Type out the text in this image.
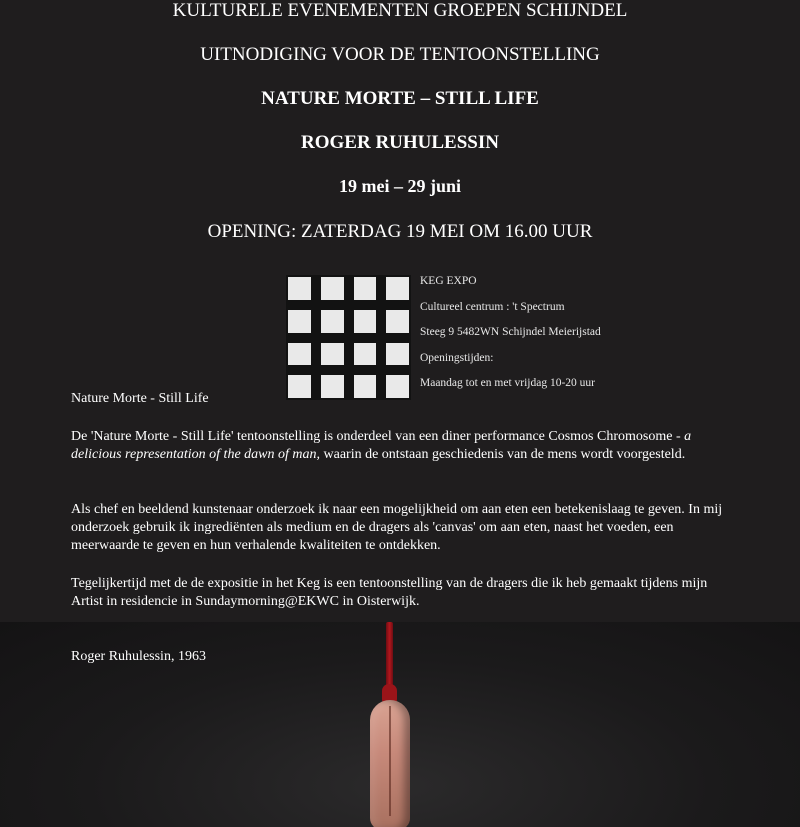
KULTURELE EVENEMENTEN GROEPEN SCHIJNDEL
UITNODIGING VOOR DE TENTOONSTELLING
NATURE MORTE – STILL LIFE
ROGER RUHULESSIN
19 mei – 29 juni
OPENING: ZATERDAG 19 MEI OM 16.00 UUR
KEG EXPO
Cultureel centrum : 't Spectrum
Steeg 9 5482WN Schijndel Meierijstad
Openingstijden:
Maandag tot en met vrijdag 10-20 uur
Nature Morte - Still Life
De 'Nature Morte - Still Life' tentoonstelling is onderdeel van een diner performance Cosmos Chromosome - a delicious representation of the dawn of man, waarin de ontstaan geschiedenis van de mens wordt voorgesteld.
Als chef en beeldend kunstenaar onderzoek ik naar een mogelijkheid om aan eten een betekenislaag te geven. In mij onderzoek gebruik ik ingrediënten als medium en de dragers als 'canvas' om aan eten, naast het voeden, een meerwaarde te geven en hun verhalende kwaliteiten te ontdekken.
Tegelijkertijd met de de expositie in het Keg is een tentoonstelling van de dragers die ik heb gemaakt tijdens mijn Artist in residencie in Sundaymorning@EKWC in Oisterwijk.
Roger Ruhulessin, 1963
